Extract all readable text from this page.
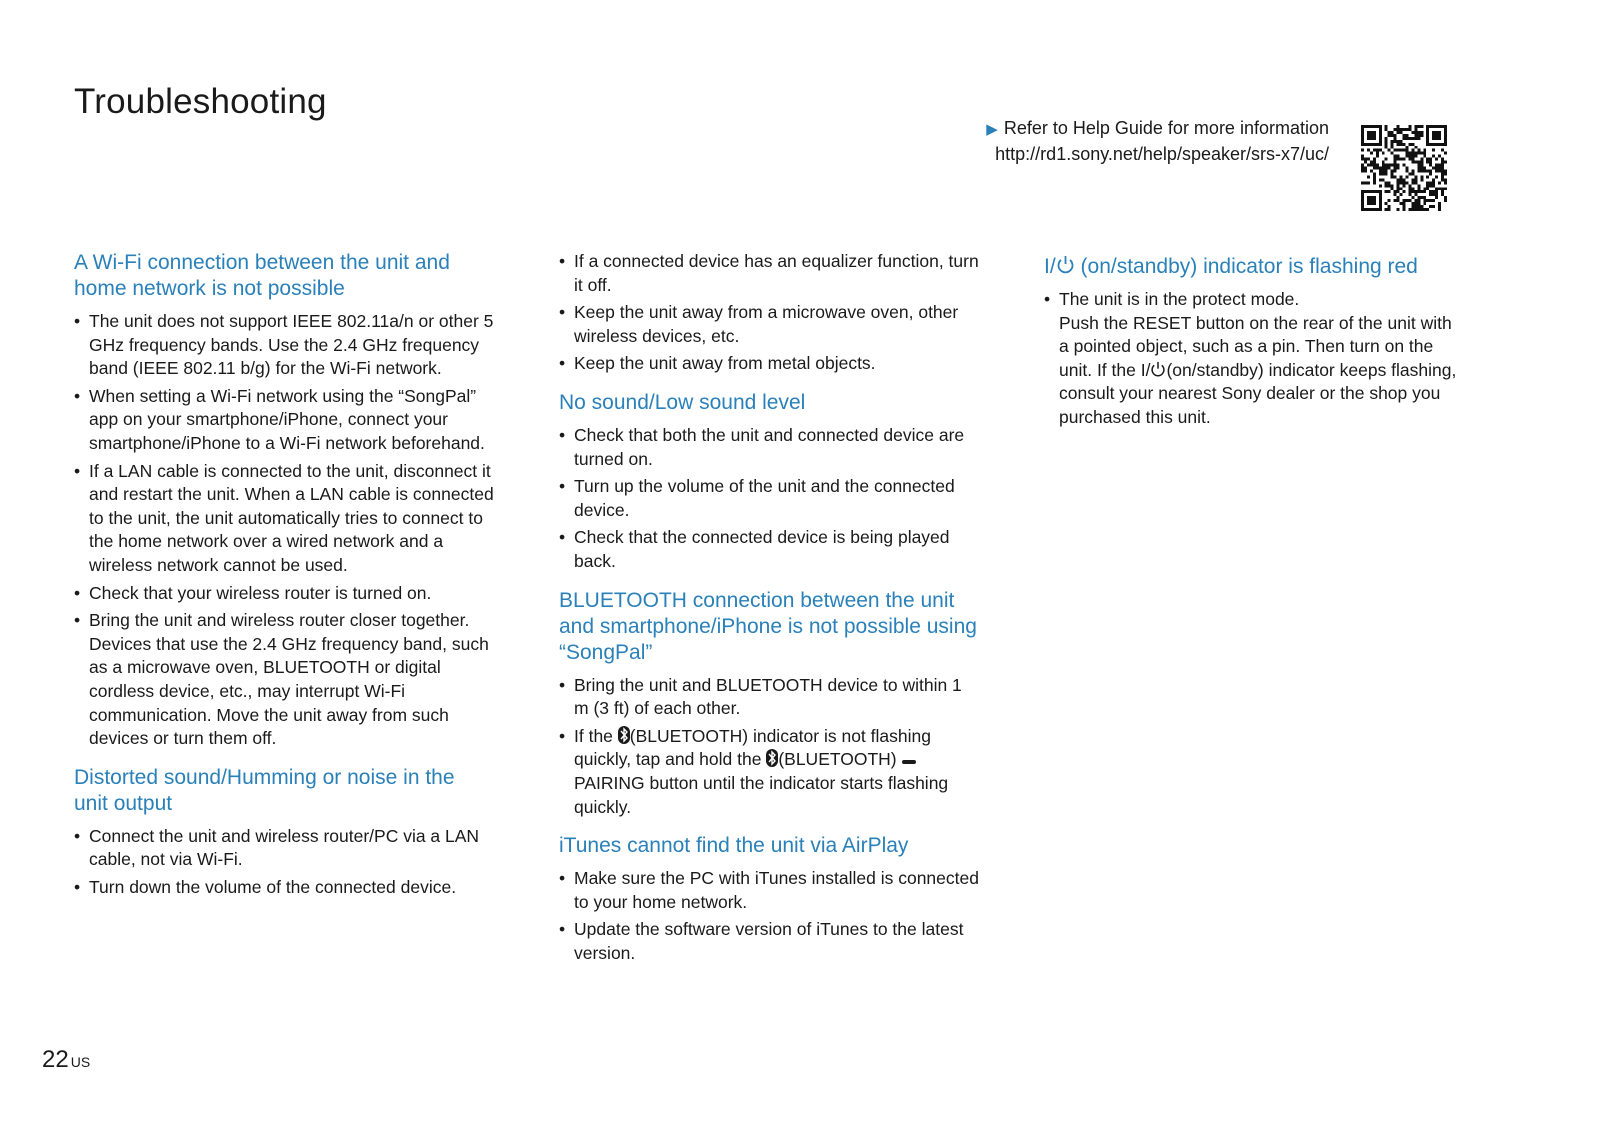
Troubleshooting
▶ Refer to Help Guide for more information
http://rd1.sony.net/help/speaker/srs-x7/uc/
A Wi-Fi connection between the unit and home network is not possible
• The unit does not support IEEE 802.11a/n or other 5 GHz frequency bands. Use the 2.4 GHz frequency band (IEEE 802.11 b/g) for the Wi-Fi network.
• When setting a Wi-Fi network using the “SongPal” app on your smartphone/iPhone, connect your smartphone/iPhone to a Wi-Fi network beforehand.
• If a LAN cable is connected to the unit, disconnect it and restart the unit. When a LAN cable is connected to the unit, the unit automatically tries to connect to the home network over a wired network and a wireless network cannot be used.
• Check that your wireless router is turned on.
• Bring the unit and wireless router closer together. Devices that use the 2.4 GHz frequency band, such as a microwave oven, BLUETOOTH or digital cordless device, etc., may interrupt Wi-Fi communication. Move the unit away from such devices or turn them off.
Distorted sound/Humming or noise in the unit output
• Connect the unit and wireless router/PC via a LAN cable, not via Wi-Fi.
• Turn down the volume of the connected device.
• If a connected device has an equalizer function, turn it off.
• Keep the unit away from a microwave oven, other wireless devices, etc.
• Keep the unit away from metal objects.
No sound/Low sound level
• Check that both the unit and connected device are turned on.
• Turn up the volume of the unit and the connected device.
• Check that the connected device is being played back.
BLUETOOTH connection between the unit and smartphone/iPhone is not possible using “SongPal”
• Bring the unit and BLUETOOTH device to within 1 m (3 ft) of each other.
• If the (BLUETOOTH) indicator is not flashing quickly, tap and hold the (BLUETOOTH)  PAIRING button until the indicator starts flashing quickly.
iTunes cannot find the unit via AirPlay
• Make sure the PC with iTunes installed is connected to your home network.
• Update the software version of iTunes to the latest version.
I/ (on/standby) indicator is flashing red
• The unit is in the protect mode.
Push the RESET button on the rear of the unit with a pointed object, such as a pin. Then turn on the unit. If the I/ (on/standby) indicator keeps flashing, consult your nearest Sony dealer or the shop you purchased this unit.
22 US
